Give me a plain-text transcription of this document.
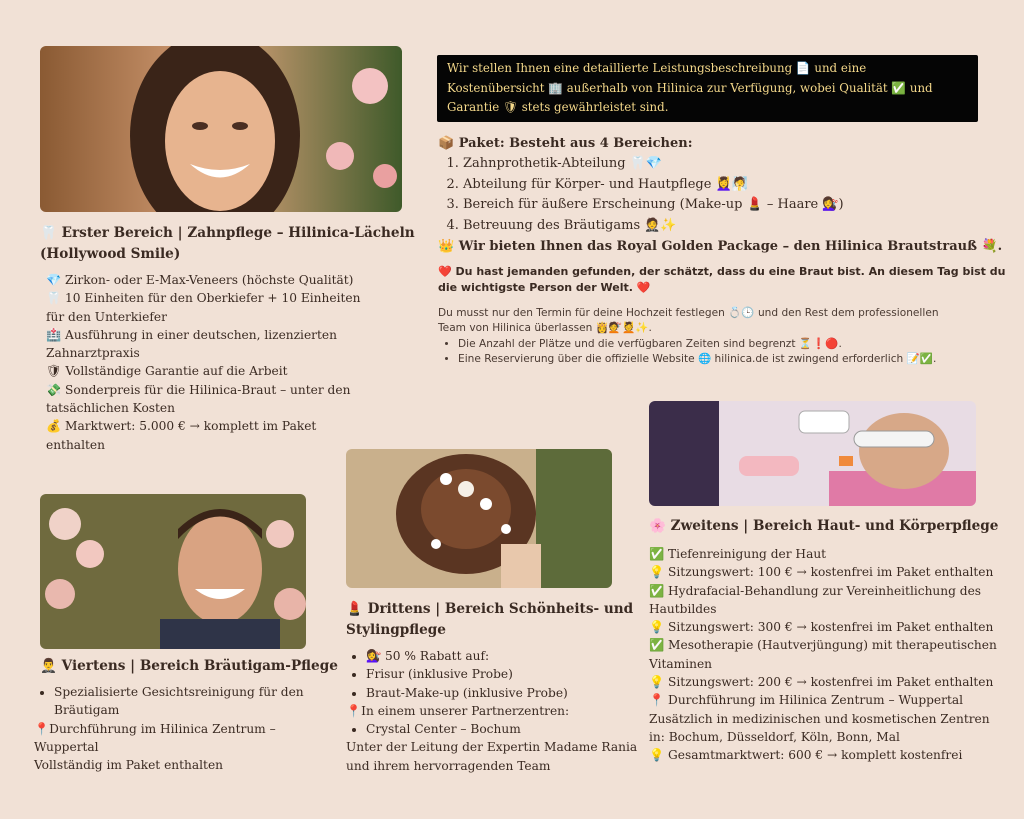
Wir stellen Ihnen eine detaillierte Leistungsbeschreibung 📄 und eine
Kostenübersicht 🏢 außerhalb von Hilinica zur Verfügung, wobei Qualität ✅ und
Garantie 🛡 stets gewährleistet sind.
📦 Paket: Besteht aus 4 Bereichen:
1. Zahnprothetik-Abteilung 🦷💎
2. Abteilung für Körper- und Hautpflege 💆‍♀️🧖
3. Bereich für äußere Erscheinung (Make-up 💄 – Haare 💇‍♀️)
4. Betreuung des Bräutigams 🤵✨
👑 Wir bieten Ihnen das Royal Golden Package – den Hilinica Brautstrauß 💐.
❤️ Du hast jemanden gefunden, der schätzt, dass du eine Braut bist. An diesem Tag bist du
die wichtigste Person der Welt. ❤️
Du musst nur den Termin für deine Hochzeit festlegen 💍🕒 und den Rest dem professionellen
Team von Hilinica überlassen 👸💇💆✨.
• Die Anzahl der Plätze und die verfügbaren Zeiten sind begrenzt ⏳❗🔴.
• Eine Reservierung über die offizielle Website 🌐 hilinica.de ist zwingend erforderlich 📝✅.
🦷 Erster Bereich | Zahnpflege – Hilinica-Lächeln
(Hollywood Smile)
💎 Zirkon- oder E-Max-Veneers (höchste Qualität)
🦷 10 Einheiten für den Oberkiefer + 10 Einheiten
für den Unterkiefer
🏥 Ausführung in einer deutschen, lizenzierten
Zahnarztpraxis
🛡 Vollständige Garantie auf die Arbeit
💸 Sonderpreis für die Hilinica-Braut – unter den
tatsächlichen Kosten
💰 Marktwert: 5.000 € → komplett im Paket
enthalten
🌸 Zweitens | Bereich Haut- und Körperpflege
✅ Tiefenreinigung der Haut
💡 Sitzungswert: 100 € → kostenfrei im Paket enthalten
✅ Hydrafacial-Behandlung zur Vereinheitlichung des
Hautbildes
💡 Sitzungswert: 300 € → kostenfrei im Paket enthalten
✅ Mesotherapie (Hautverjüngung) mit therapeutischen
Vitaminen
💡 Sitzungswert: 200 € → kostenfrei im Paket enthalten
📍 Durchführung im Hilinica Zentrum – Wuppertal
Zusätzlich in medizinischen und kosmetischen Zentren
in: Bochum, Düsseldorf, Köln, Bonn, Mal
💡 Gesamtmarktwert: 600 € → komplett kostenfrei
💄 Drittens | Bereich Schönheits- und
Stylingpflege
• 💇‍♀️ 50 % Rabatt auf:
• Frisur (inklusive Probe)
• Braut-Make-up (inklusive Probe)
📍In einem unserer Partnerzentren:
• Crystal Center – Bochum
Unter der Leitung der Expertin Madame Rania
und ihrem hervorragenden Team
🤵‍♂️ Viertens | Bereich Bräutigam-Pflege
• Spezialisierte Gesichtsreinigung für den
Bräutigam
📍Durchführung im Hilinica Zentrum –
Wuppertal
Vollständig im Paket enthalten
